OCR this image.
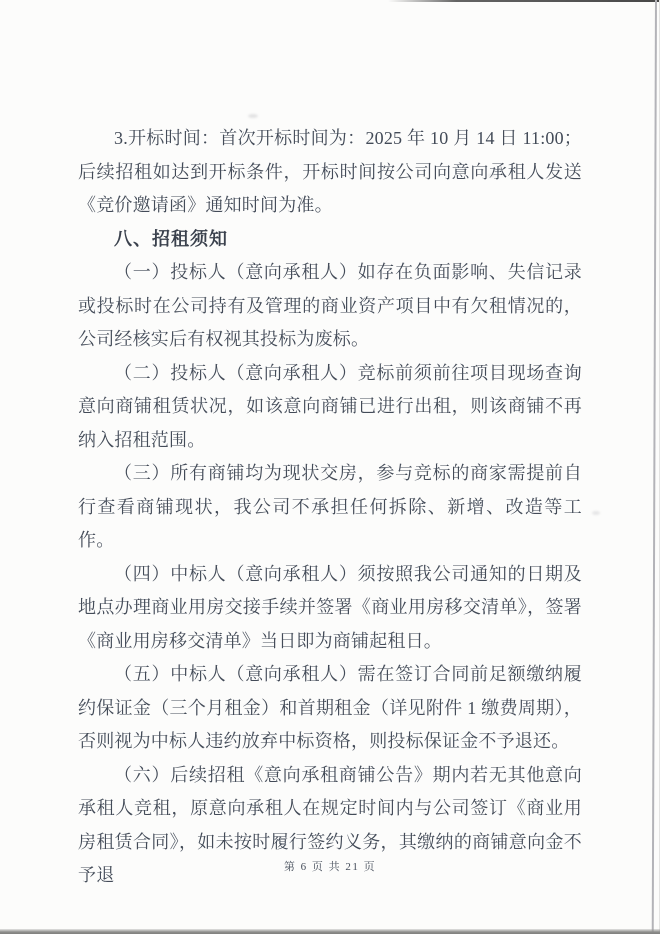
3.开标时间：首次开标时间为：2025 年 10 月 14 日 11:00；后续招租如达到开标条件，开标时间按公司向意向承租人发送《竞价邀请函》通知时间为准。

八、招租须知

（一）投标人（意向承租人）如存在负面影响、失信记录或投标时在公司持有及管理的商业资产项目中有欠租情况的，公司经核实后有权视其投标为废标。

（二）投标人（意向承租人）竞标前须前往项目现场查询意向商铺租赁状况，如该意向商铺已进行出租，则该商铺不再纳入招租范围。

（三）所有商铺均为现状交房，参与竞标的商家需提前自行查看商铺现状，我公司不承担任何拆除、新增、改造等工作。

（四）中标人（意向承租人）须按照我公司通知的日期及地点办理商业用房交接手续并签署《商业用房移交清单》，签署《商业用房移交清单》当日即为商铺起租日。

（五）中标人（意向承租人）需在签订合同前足额缴纳履约保证金（三个月租金）和首期租金（详见附件 1 缴费周期），否则视为中标人违约放弃中标资格，则投标保证金不予退还。

（六）后续招租《意向承租商铺公告》期内若无其他意向承租人竞租，原意向承租人在规定时间内与公司签订《商业用房租赁合同》，如未按时履行签约义务，其缴纳的商铺意向金不予退	第 6 页 共 21 页
